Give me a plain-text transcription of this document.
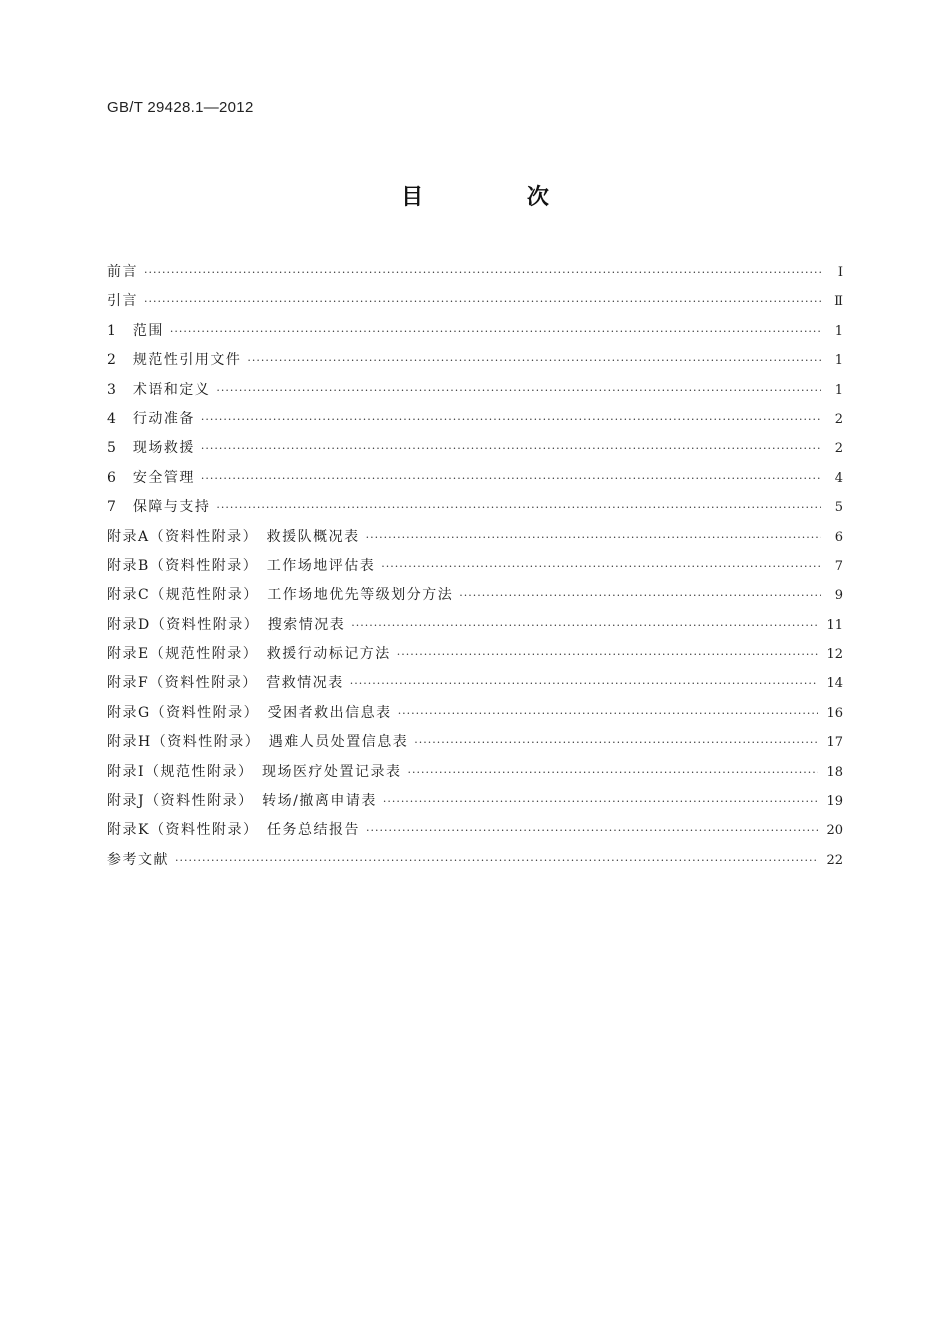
GB/T 29428.1—2012
目 次
前言 ·····	Ⅰ
引言 ·····	Ⅱ
1　范围 ·····	1
2　规范性引用文件 ·····	1
3　术语和定义 ·····	1
4　行动准备 ·····	2
5　现场救援 ·····	2
6　安全管理 ·····	4
7　保障与支持 ·····	5
附录A（资料性附录）　救援队概况表 ·····	6
附录B（资料性附录）　工作场地评估表 ·····	7
附录C（规范性附录）　工作场地优先等级划分方法 ·····	9
附录D（资料性附录）　搜索情况表 ·····	11
附录E（规范性附录）　救援行动标记方法 ·····	12
附录F（资料性附录）　营救情况表 ·····	14
附录G（资料性附录）　受困者救出信息表 ·····	16
附录H（资料性附录）　遇难人员处置信息表 ·····	17
附录I（规范性附录）　现场医疗处置记录表 ·····	18
附录J（资料性附录）　转场/撤离申请表 ·····	19
附录K（资料性附录）　任务总结报告 ·····	20
参考文献 ·····	22
